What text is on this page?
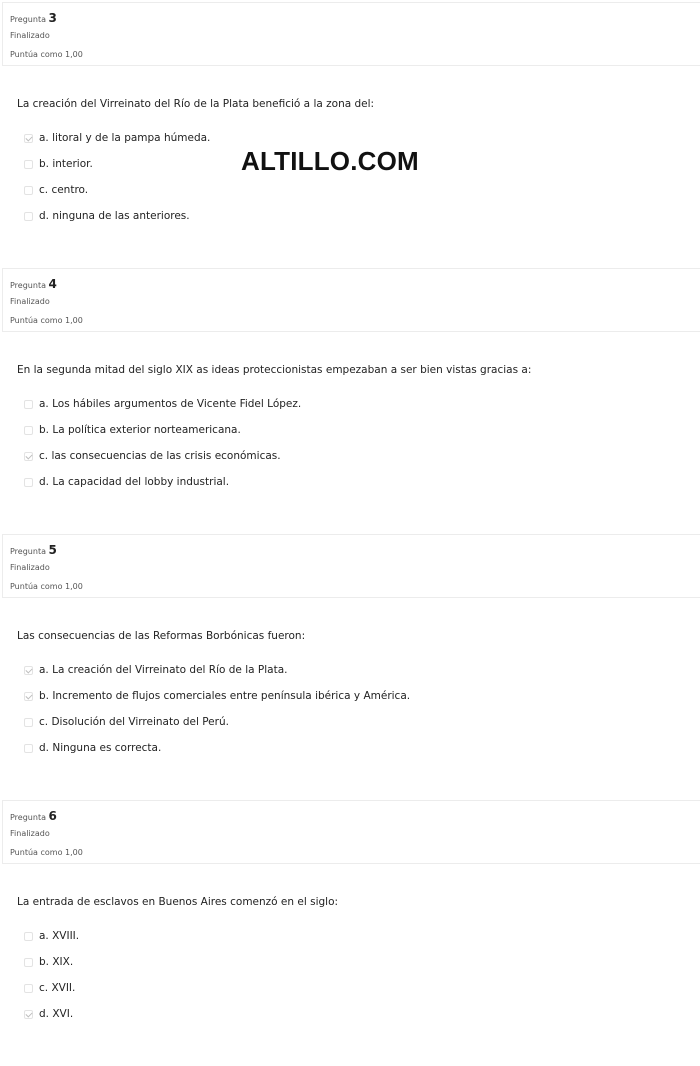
ALTILLO.COM
Pregunta 3
Finalizado
Puntúa como 1,00
La creación del Virreinato del Río de la Plata benefició a la zona del:
a. litoral y de la pampa húmeda.
b. interior.
c. centro.
d. ninguna de las anteriores.
Pregunta 4
Finalizado
Puntúa como 1,00
En la segunda mitad del siglo XIX as ideas proteccionistas empezaban a ser bien vistas gracias a:
a. Los hábiles argumentos de Vicente Fidel López.
b. La política exterior norteamericana.
c. las consecuencias de las crisis económicas.
d. La capacidad del lobby industrial.
Pregunta 5
Finalizado
Puntúa como 1,00
Las consecuencias de las Reformas Borbónicas fueron:
a. La creación del Virreinato del Río de la Plata.
b. Incremento de flujos comerciales entre península ibérica y América.
c. Disolución del Virreinato del Perú.
d. Ninguna es correcta.
Pregunta 6
Finalizado
Puntúa como 1,00
La entrada de esclavos en Buenos Aires comenzó en el siglo:
a. XVIII.
b. XIX.
c. XVII.
d. XVI.
